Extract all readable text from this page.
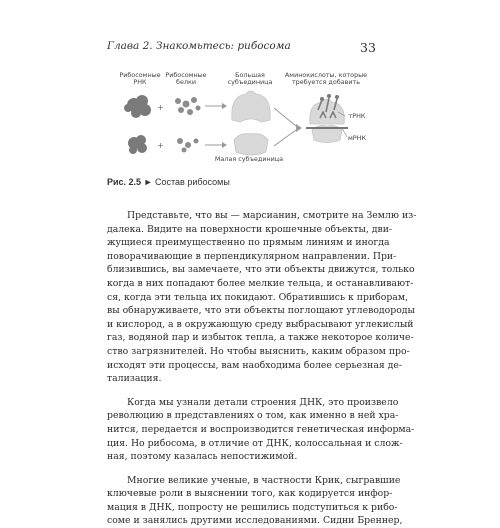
Глава 2. Знакомьтесь: рибосома	33
Рибосомные РНК
Рибосомные белки
Большая субъединица
Аминокислоты, которые требуется добавить
тРНК
мРНК
Малая субъединица
+
+
Рис. 2.5 ► Состав рибосомы
Представьте, что вы — марсианин, смотрите на Землю из-
далека. Видите на поверхности крошечные объекты, дви-
жущиеся преимущественно по прямым линиям и иногда
поворачивающие в перпендикулярном направлении. При-
близившись, вы замечаете, что эти объекты движутся, только
когда в них попадают более мелкие тельца, и останавливают-
ся, когда эти тельца их покидают. Обратившись к приборам,
вы обнаруживаете, что эти объекты поглощают углеводороды
и кислород, а в окружающую среду выбрасывают углекислый
газ, водяной пар и избыток тепла, а также некоторое количе-
ство загрязнителей. Но чтобы выяснить, каким образом про-
исходят эти процессы, вам наобходима более серьезная де-
тализация.
Когда мы узнали детали строения ДНК, это произвело
революцию в представлениях о том, как именно в ней хра-
нится, передается и воспроизводится генетическая информа-
ция. Но рибосома, в отличие от ДНК, колоссальная и слож-
ная, поэтому казалась непостижимой.
Многие великие ученые, в частности Крик, сыгравшие
ключевые роли в выяснении того, как кодируется инфор-
мация в ДНК, попросту не решились подступиться к рибо-
соме и занялись другими исследованиями. Сидни Бреннер,
